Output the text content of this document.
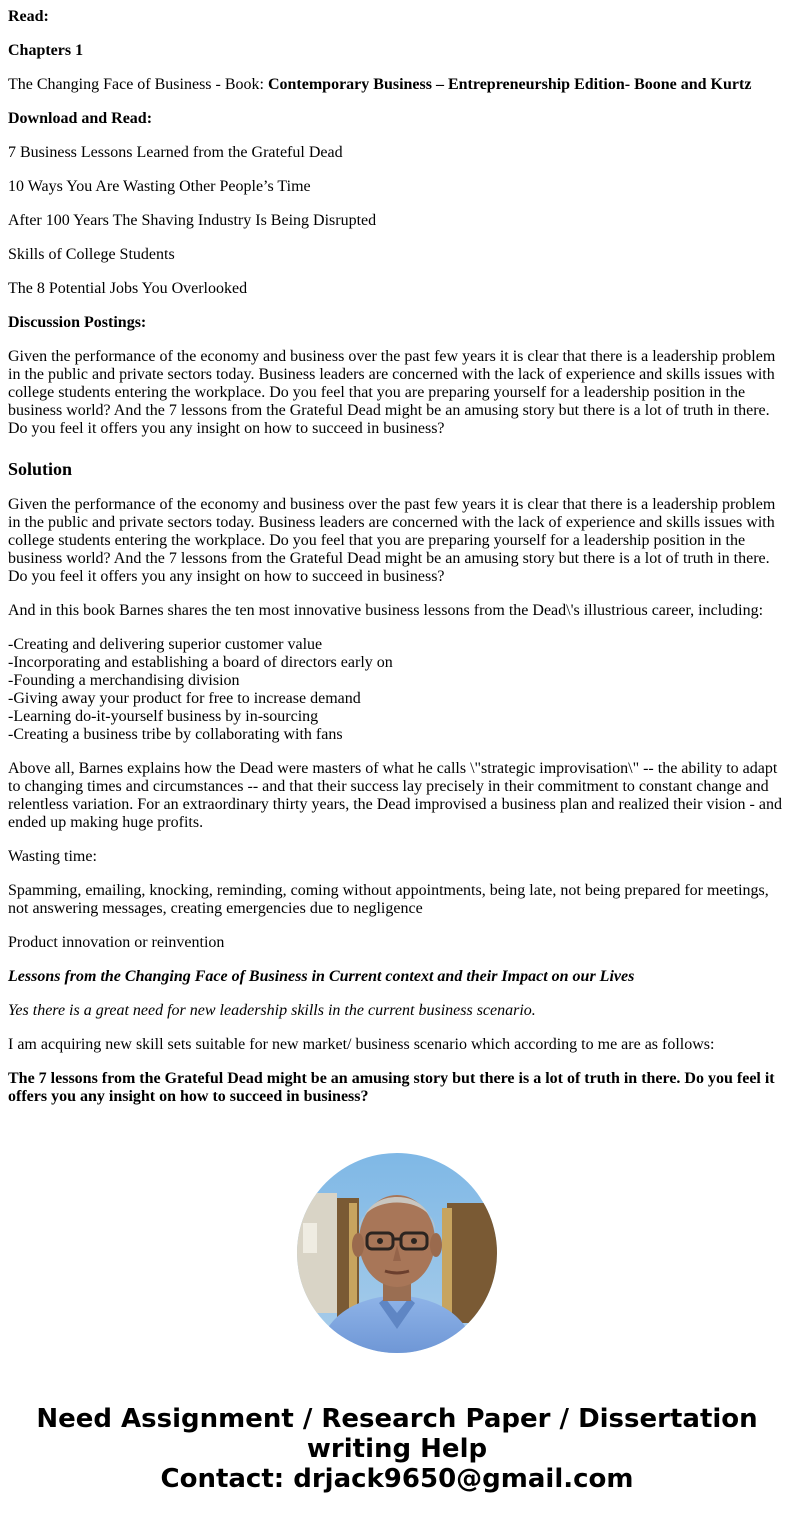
Read:

Chapters 1

The Changing Face of Business - Book: Contemporary Business – Entrepreneurship Edition- Boone and Kurtz

Download and Read:

7 Business Lessons Learned from the Grateful Dead

10 Ways You Are Wasting Other People’s Time

After 100 Years The Shaving Industry Is Being Disrupted

Skills of College Students

The 8 Potential Jobs You Overlooked

Discussion Postings:

Given the performance of the economy and business over the past few years it is clear that there is a leadership problem in the public and private sectors today. Business leaders are concerned with the lack of experience and skills issues with college students entering the workplace. Do you feel that you are preparing yourself for a leadership position in the business world? And the 7 lessons from the Grateful Dead might be an amusing story but there is a lot of truth in there. Do you feel it offers you any insight on how to succeed in business?

Solution

Given the performance of the economy and business over the past few years it is clear that there is a leadership problem in the public and private sectors today. Business leaders are concerned with the lack of experience and skills issues with college students entering the workplace. Do you feel that you are preparing yourself for a leadership position in the business world? And the 7 lessons from the Grateful Dead might be an amusing story but there is a lot of truth in there. Do you feel it offers you any insight on how to succeed in business?

And in this book Barnes shares the ten most innovative business lessons from the Dead\'s illustrious career, including:

-Creating and delivering superior customer value
-Incorporating and establishing a board of directors early on
-Founding a merchandising division
-Giving away your product for free to increase demand
-Learning do-it-yourself business by in-sourcing
-Creating a business tribe by collaborating with fans

Above all, Barnes explains how the Dead were masters of what he calls \"strategic improvisation\" -- the ability to adapt to changing times and circumstances -- and that their success lay precisely in their commitment to constant change and relentless variation. For an extraordinary thirty years, the Dead improvised a business plan and realized their vision - and ended up making huge profits.

Wasting time:

Spamming, emailing, knocking, reminding, coming without appointments, being late, not being prepared for meetings, not answering messages, creating emergencies due to negligence

Product innovation or reinvention

Lessons from the Changing Face of Business in Current context and their Impact on our Lives

Yes there is a great need for new leadership skills in the current business scenario.

I am acquiring new skill sets suitable for new market/ business scenario which according to me are as follows:

The 7 lessons from the Grateful Dead might be an amusing story but there is a lot of truth in there. Do you feel it offers you any insight on how to succeed in business?

Need Assignment / Research Paper / Dissertation
writing Help
Contact: drjack9650@gmail.com
